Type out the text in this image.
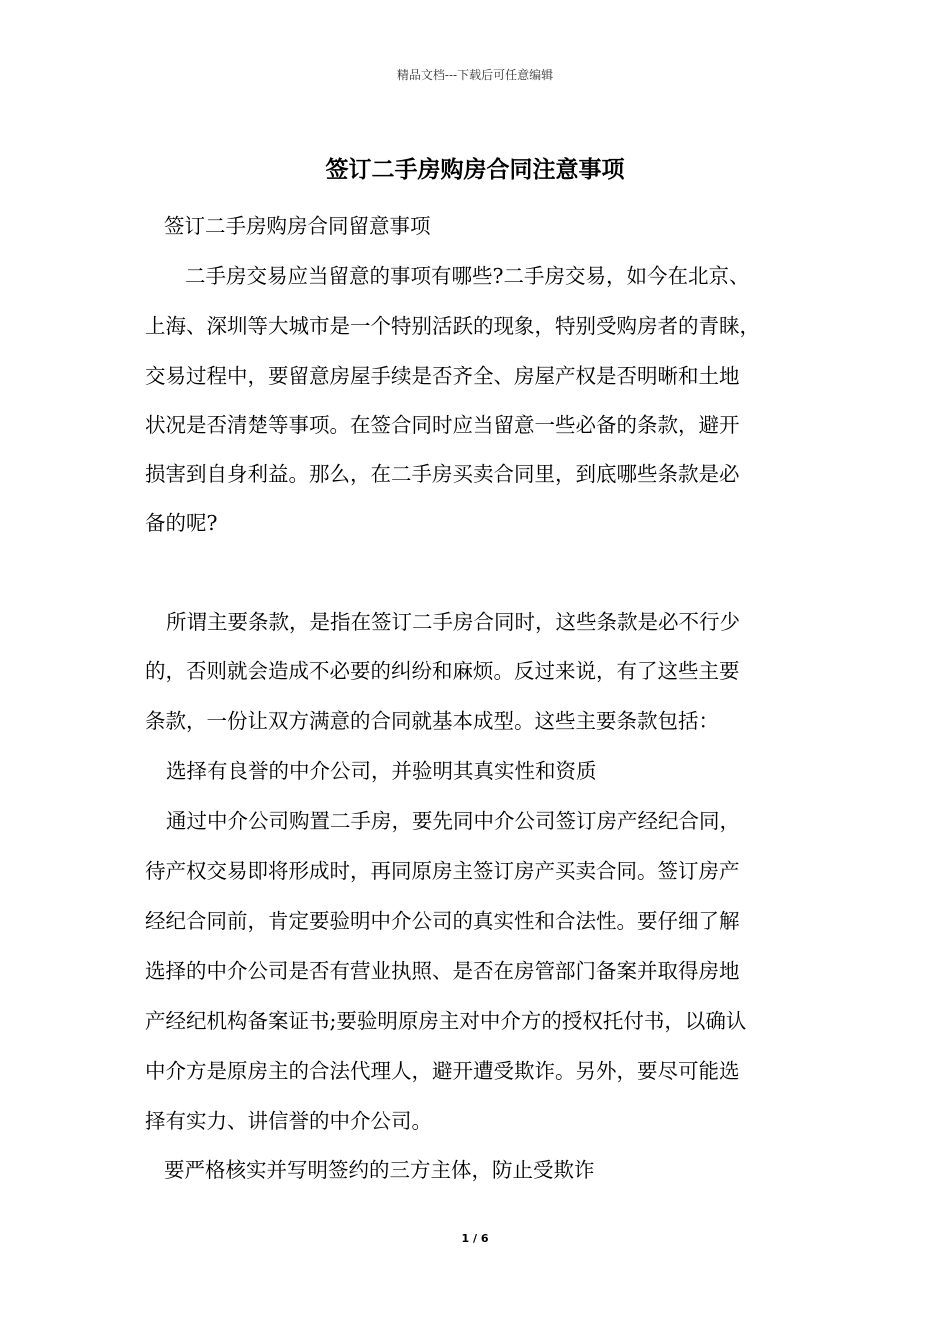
精品文档---下载后可任意编辑
签订二手房购房合同注意事项
签订二手房购房合同留意事项
二手房交易应当留意的事项有哪些?二手房交易，如今在北京、
上海、深圳等大城市是一个特别活跃的现象，特别受购房者的青睐，
交易过程中，要留意房屋手续是否齐全、房屋产权是否明晰和土地
状况是否清楚等事项。在签合同时应当留意一些必备的条款，避开
损害到自身利益。那么，在二手房买卖合同里，到底哪些条款是必
备的呢?
所谓主要条款，是指在签订二手房合同时，这些条款是必不行少
的，否则就会造成不必要的纠纷和麻烦。反过来说，有了这些主要
条款，一份让双方满意的合同就基本成型。这些主要条款包括：
选择有良誉的中介公司，并验明其真实性和资质
通过中介公司购置二手房，要先同中介公司签订房产经纪合同，
待产权交易即将形成时，再同原房主签订房产买卖合同。签订房产
经纪合同前，肯定要验明中介公司的真实性和合法性。要仔细了解
选择的中介公司是否有营业执照、是否在房管部门备案并取得房地
产经纪机构备案证书;要验明原房主对中介方的授权托付书，以确认
中介方是原房主的合法代理人，避开遭受欺诈。另外，要尽可能选
择有实力、讲信誉的中介公司。
要严格核实并写明签约的三方主体，防止受欺诈
1 / 6
